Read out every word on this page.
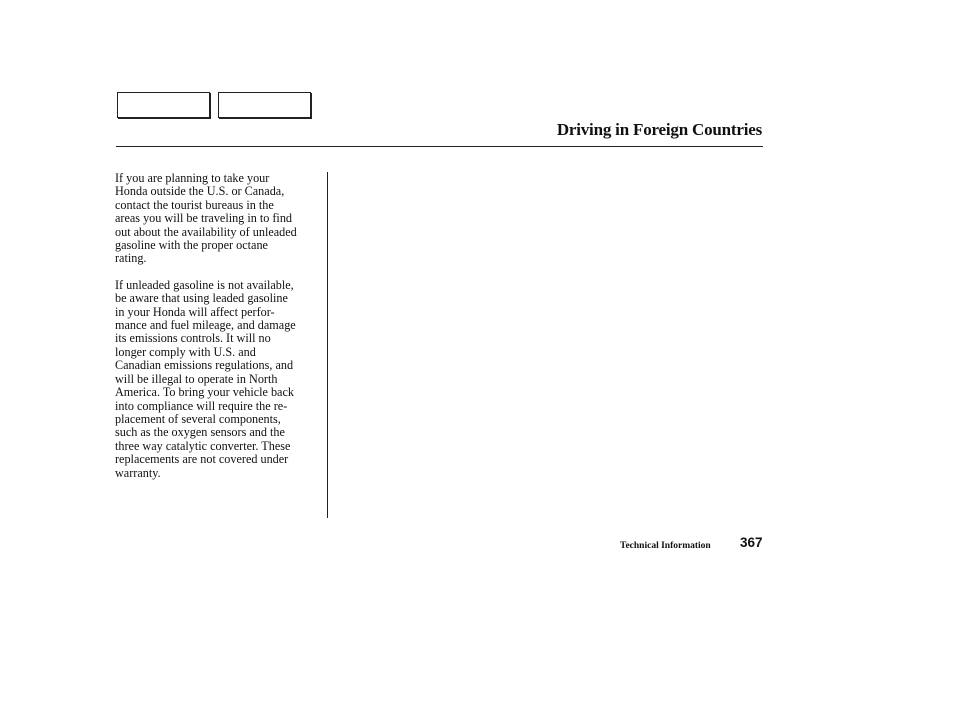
Driving in Foreign Countries

If you are planning to take your
Honda outside the U.S. or Canada,
contact the tourist bureaus in the
areas you will be traveling in to find
out about the availability of unleaded
gasoline with the proper octane
rating.

If unleaded gasoline is not available,
be aware that using leaded gasoline
in your Honda will affect perfor-
mance and fuel mileage, and damage
its emissions controls. It will no
longer comply with U.S. and
Canadian emissions regulations, and
will be illegal to operate in North
America. To bring your vehicle back
into compliance will require the re-
placement of several components,
such as the oxygen sensors and the
three way catalytic converter. These
replacements are not covered under
warranty.

Technical Information 367
